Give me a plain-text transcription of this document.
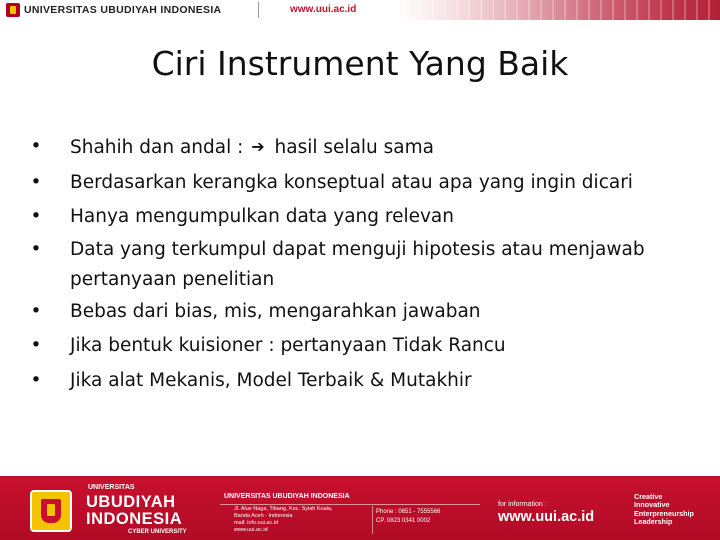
UNIVERSITAS UBUDIYAH INDONESIA	www.uui.ac.id
Ciri Instrument Yang Baik
• Shahih dan andal : ➔ hasil selalu sama
• Berdasarkan kerangka konseptual atau apa yang ingin dicari
• Hanya mengumpulkan data yang relevan
• Data yang terkumpul dapat menguji hipotesis atau menjawab
pertanyaan penelitian
• Bebas dari bias, mis, mengarahkan jawaban
• Jika bentuk kuisioner : pertanyaan Tidak Rancu
• Jika alat Mekanis, Model Terbaik & Mutakhir
UNIVERSITAS
UBUDIYAH
INDONESIA
CYBER UNIVERSITY
UNIVERSITAS UBUDIYAH INDONESIA
Jl. Alue Naga, Tibang, Kec. Syiah Kuala,
Banda Aceh - Indonesia
mail: info.uui.ac.id
www.uui.ac.id
Phone : 0651 - 7555566
CP. 0823 0341 0002
for information :
www.uui.ac.id
Creative
Innovative
Enterpreneurship
Leadership
